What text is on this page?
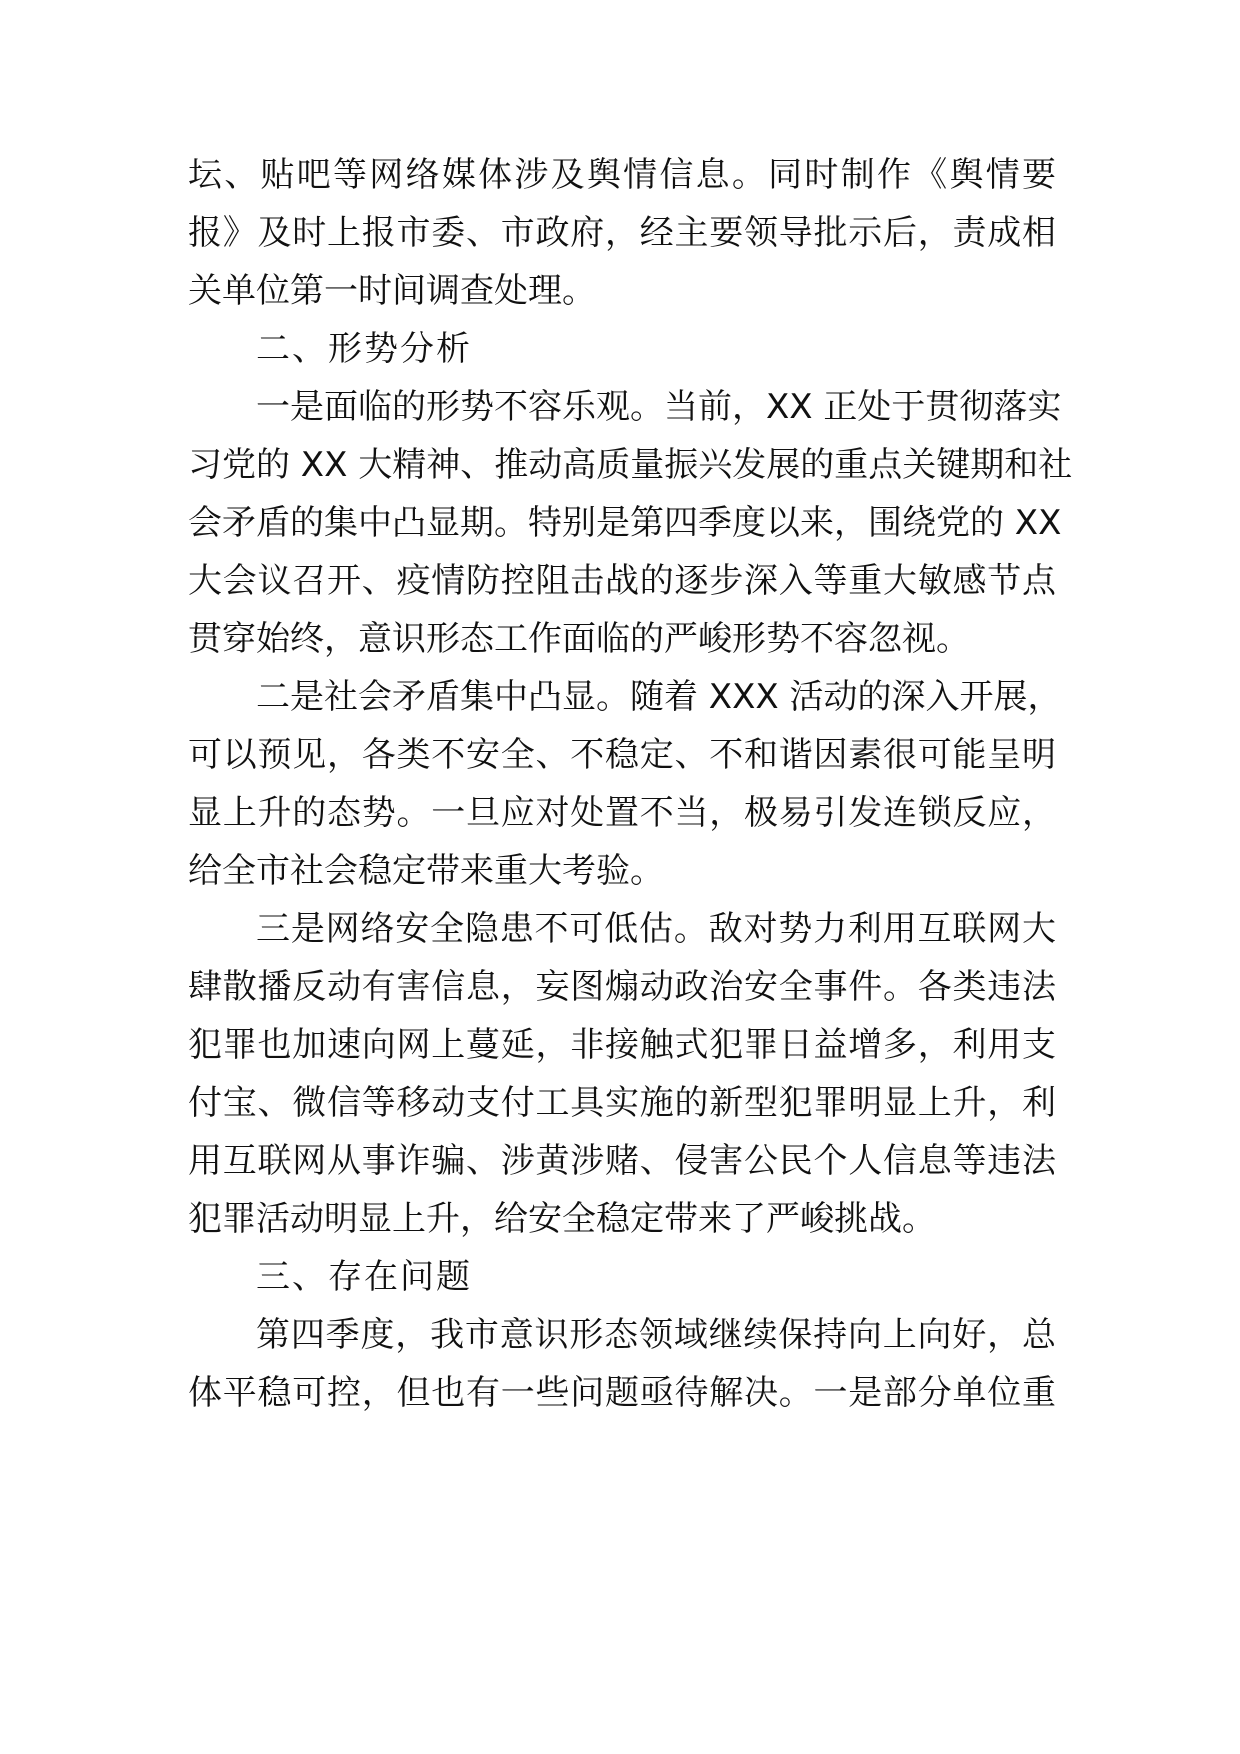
坛、贴吧等网络媒体涉及舆情信息。同时制作《舆情要
报》及时上报市委、市政府，经主要领导批示后，责成相
关单位第一时间调查处理。
二、形势分析
一是面临的形势不容乐观。当前，XX 正处于贯彻落实
习党的 XX 大精神、推动高质量振兴发展的重点关键期和社
会矛盾的集中凸显期。特别是第四季度以来，围绕党的 XX
大会议召开、疫情防控阻击战的逐步深入等重大敏感节点
贯穿始终，意识形态工作面临的严峻形势不容忽视。
二是社会矛盾集中凸显。随着 XXX 活动的深入开展，
可以预见，各类不安全、不稳定、不和谐因素很可能呈明
显上升的态势。一旦应对处置不当，极易引发连锁反应，
给全市社会稳定带来重大考验。
三是网络安全隐患不可低估。敌对势力利用互联网大
肆散播反动有害信息，妄图煽动政治安全事件。各类违法
犯罪也加速向网上蔓延，非接触式犯罪日益增多，利用支
付宝、微信等移动支付工具实施的新型犯罪明显上升，利
用互联网从事诈骗、涉黄涉赌、侵害公民个人信息等违法
犯罪活动明显上升，给安全稳定带来了严峻挑战。
三、存在问题
第四季度，我市意识形态领域继续保持向上向好，总
体平稳可控，但也有一些问题亟待解决。一是部分单位重
